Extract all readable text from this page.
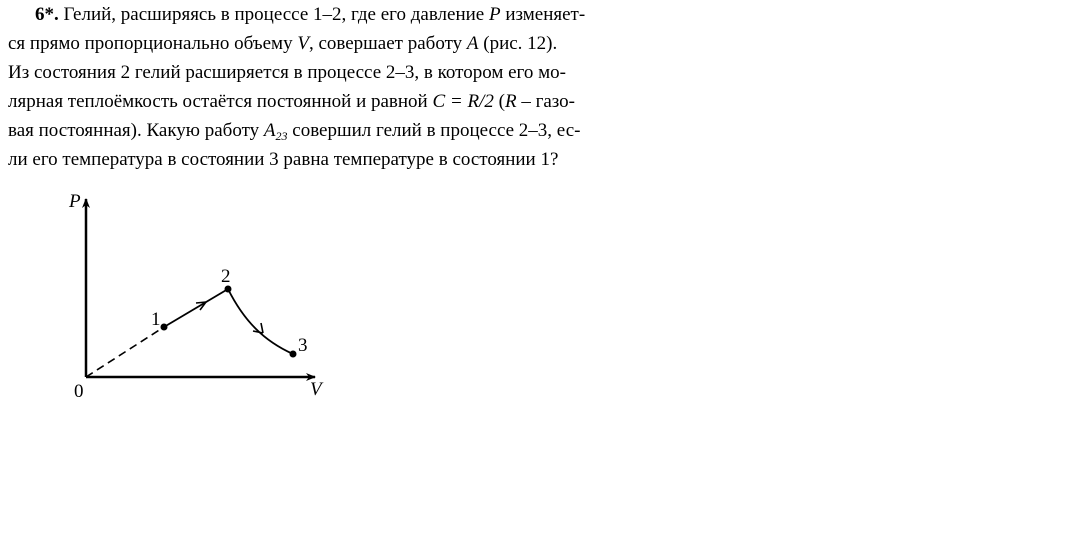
6*. Гелий, расширяясь в процессе 1–2, где его давление P изменяет-
ся прямо пропорционально объему V, совершает работу A (рис. 12).
Из состояния 2 гелий расширяется в процессе 2–3, в котором его мо-
лярная теплоёмкость остаётся постоянной и равной C = R/2 (R – газо-
вая постоянная). Какую работу $A_{23}$ совершил гелий в процессе 2–3, ес-
ли его температура в состоянии 3 равна температуре в состоянии 1?
P
V
0
1
2
3
